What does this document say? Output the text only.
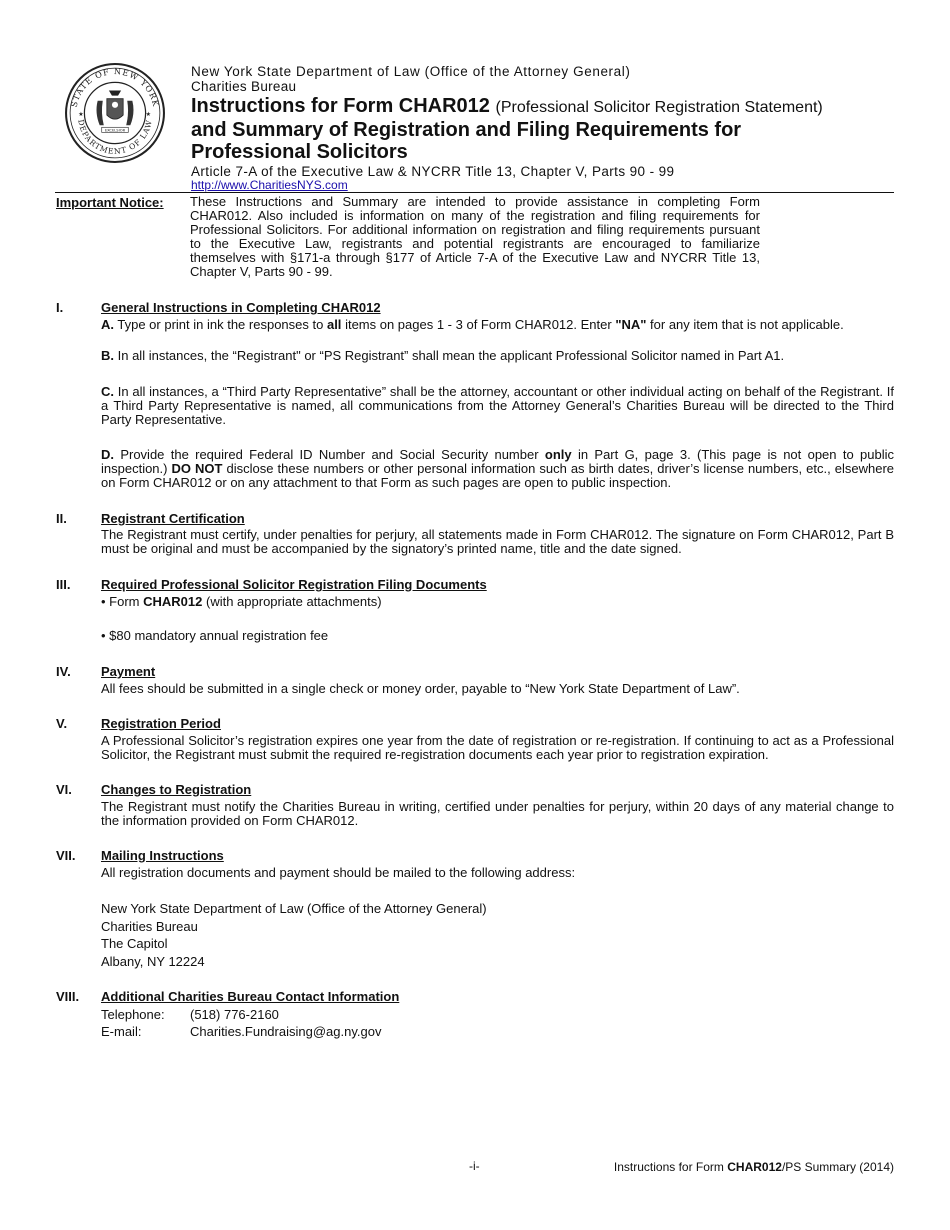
STATE OF NEW YORK
DEPARTMENT OF LAW
★	★
EXCELSIOR
New York State Department of Law (Office of the Attorney General)
Charities Bureau
Instructions for Form CHAR012 (Professional Solicitor Registration Statement)
and Summary of Registration and Filing Requirements for
Professional Solicitors
Article 7-A of the Executive Law & NYCRR Title 13, Chapter V, Parts 90 - 99
http://www.CharitiesNYS.com
Important Notice: These Instructions and Summary are intended to provide assistance in completing Form CHAR012. Also included is information on many of the registration and filing requirements for Professional Solicitors. For additional information on registration and filing requirements pursuant to the Executive Law, registrants and potential registrants are encouraged to familiarize themselves with §171-a through §177 of Article 7-A of the Executive Law and NYCRR Title 13, Chapter V, Parts 90 - 99.
I.	General Instructions in Completing CHAR012
A. Type or print in ink the responses to all items on pages 1 - 3 of Form CHAR012. Enter "NA" for any item that is not applicable.
B. In all instances, the “Registrant" or “PS Registrant” shall mean the applicant Professional Solicitor named in Part A1.
C. In all instances, a “Third Party Representative” shall be the attorney, accountant or other individual acting on behalf of the Registrant. If a Third Party Representative is named, all communications from the Attorney General’s Charities Bureau will be directed to the Third Party Representative.
D. Provide the required Federal ID Number and Social Security number only in Part G, page 3. (This page is not open to public inspection.) DO NOT disclose these numbers or other personal information such as birth dates, driver’s license numbers, etc., elsewhere on Form CHAR012 or on any attachment to that Form as such pages are open to public inspection.
II.	Registrant Certification
The Registrant must certify, under penalties for perjury, all statements made in Form CHAR012. The signature on Form CHAR012, Part B must be original and must be accompanied by the signatory’s printed name, title and the date signed.
III. Required Professional Solicitor Registration Filing Documents
• Form CHAR012 (with appropriate attachments)
• $80 mandatory annual registration fee
IV. Payment
All fees should be submitted in a single check or money order, payable to “New York State Department of Law”.
V.	Registration Period
A Professional Solicitor’s registration expires one year from the date of registration or re-registration. If continuing to act as a Professional Solicitor, the Registrant must submit the required re-registration documents each year prior to registration expiration.
VI. Changes to Registration
The Registrant must notify the Charities Bureau in writing, certified under penalties for perjury, within 20 days of any material change to the information provided on Form CHAR012.
VII. Mailing Instructions
All registration documents and payment should be mailed to the following address:
New York State Department of Law (Office of the Attorney General)
Charities Bureau
The Capitol
Albany, NY 12224
VIII. Additional Charities Bureau Contact Information
Telephone: (518) 776-2160
E-mail:	Charities.Fundraising@ag.ny.gov
-i-	Instructions for Form CHAR012/PS Summary (2014)
